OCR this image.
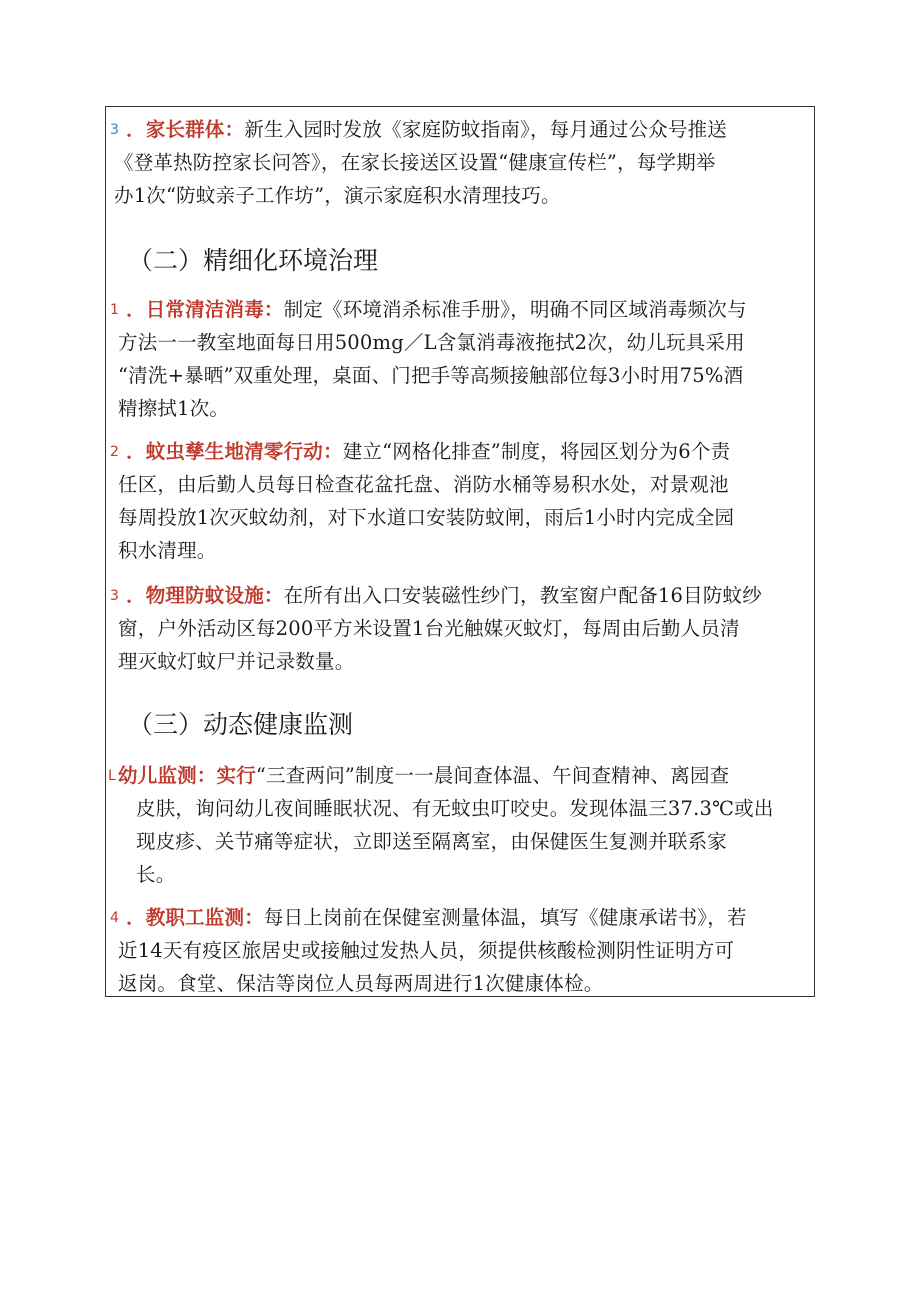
3 ．家长群体：新生入园时发放《家庭防蚊指南》，每月通过公众号推送
《登革热防控家长问答》，在家长接送区设置“健康宣传栏”，每学期举
办1次“防蚊亲子工作坊”，演示家庭积水清理技巧。
（二）精细化环境治理
1 ．日常清洁消毒：制定《环境消杀标准手册》，明确不同区域消毒频次与
方法一一教室地面每日用500mg／L含氯消毒液拖拭2次，幼儿玩具采用
“清洗+暴晒”双重处理，桌面、门把手等高频接触部位每3小时用75%酒
精擦拭1次。
2 ．蚊虫孳生地清零行动：建立“网格化排查”制度，将园区划分为6个责
任区，由后勤人员每日检查花盆托盘、消防水桶等易积水处，对景观池
每周投放1次灭蚊幼剂，对下水道口安装防蚊闸，雨后1小时内完成全园
积水清理。
3 ．物理防蚊设施：在所有出入口安装磁性纱门，教室窗户配备16目防蚊纱
窗，户外活动区每200平方米设置1台光触媒灭蚊灯，每周由后勤人员清
理灭蚊灯蚊尸并记录数量。
（三）动态健康监测
L 幼儿监测：实行“三查两问”制度一一晨间查体温、午间查精神、离园查
皮肤，询问幼儿夜间睡眠状况、有无蚊虫叮咬史。发现体温三37.3℃或出
现皮疹、关节痛等症状，立即送至隔离室，由保健医生复测并联系家
长。
4 ．教职工监测：每日上岗前在保健室测量体温，填写《健康承诺书》，若
近14天有疫区旅居史或接触过发热人员，须提供核酸检测阴性证明方可
返岗。食堂、保洁等岗位人员每两周进行1次健康体检。
